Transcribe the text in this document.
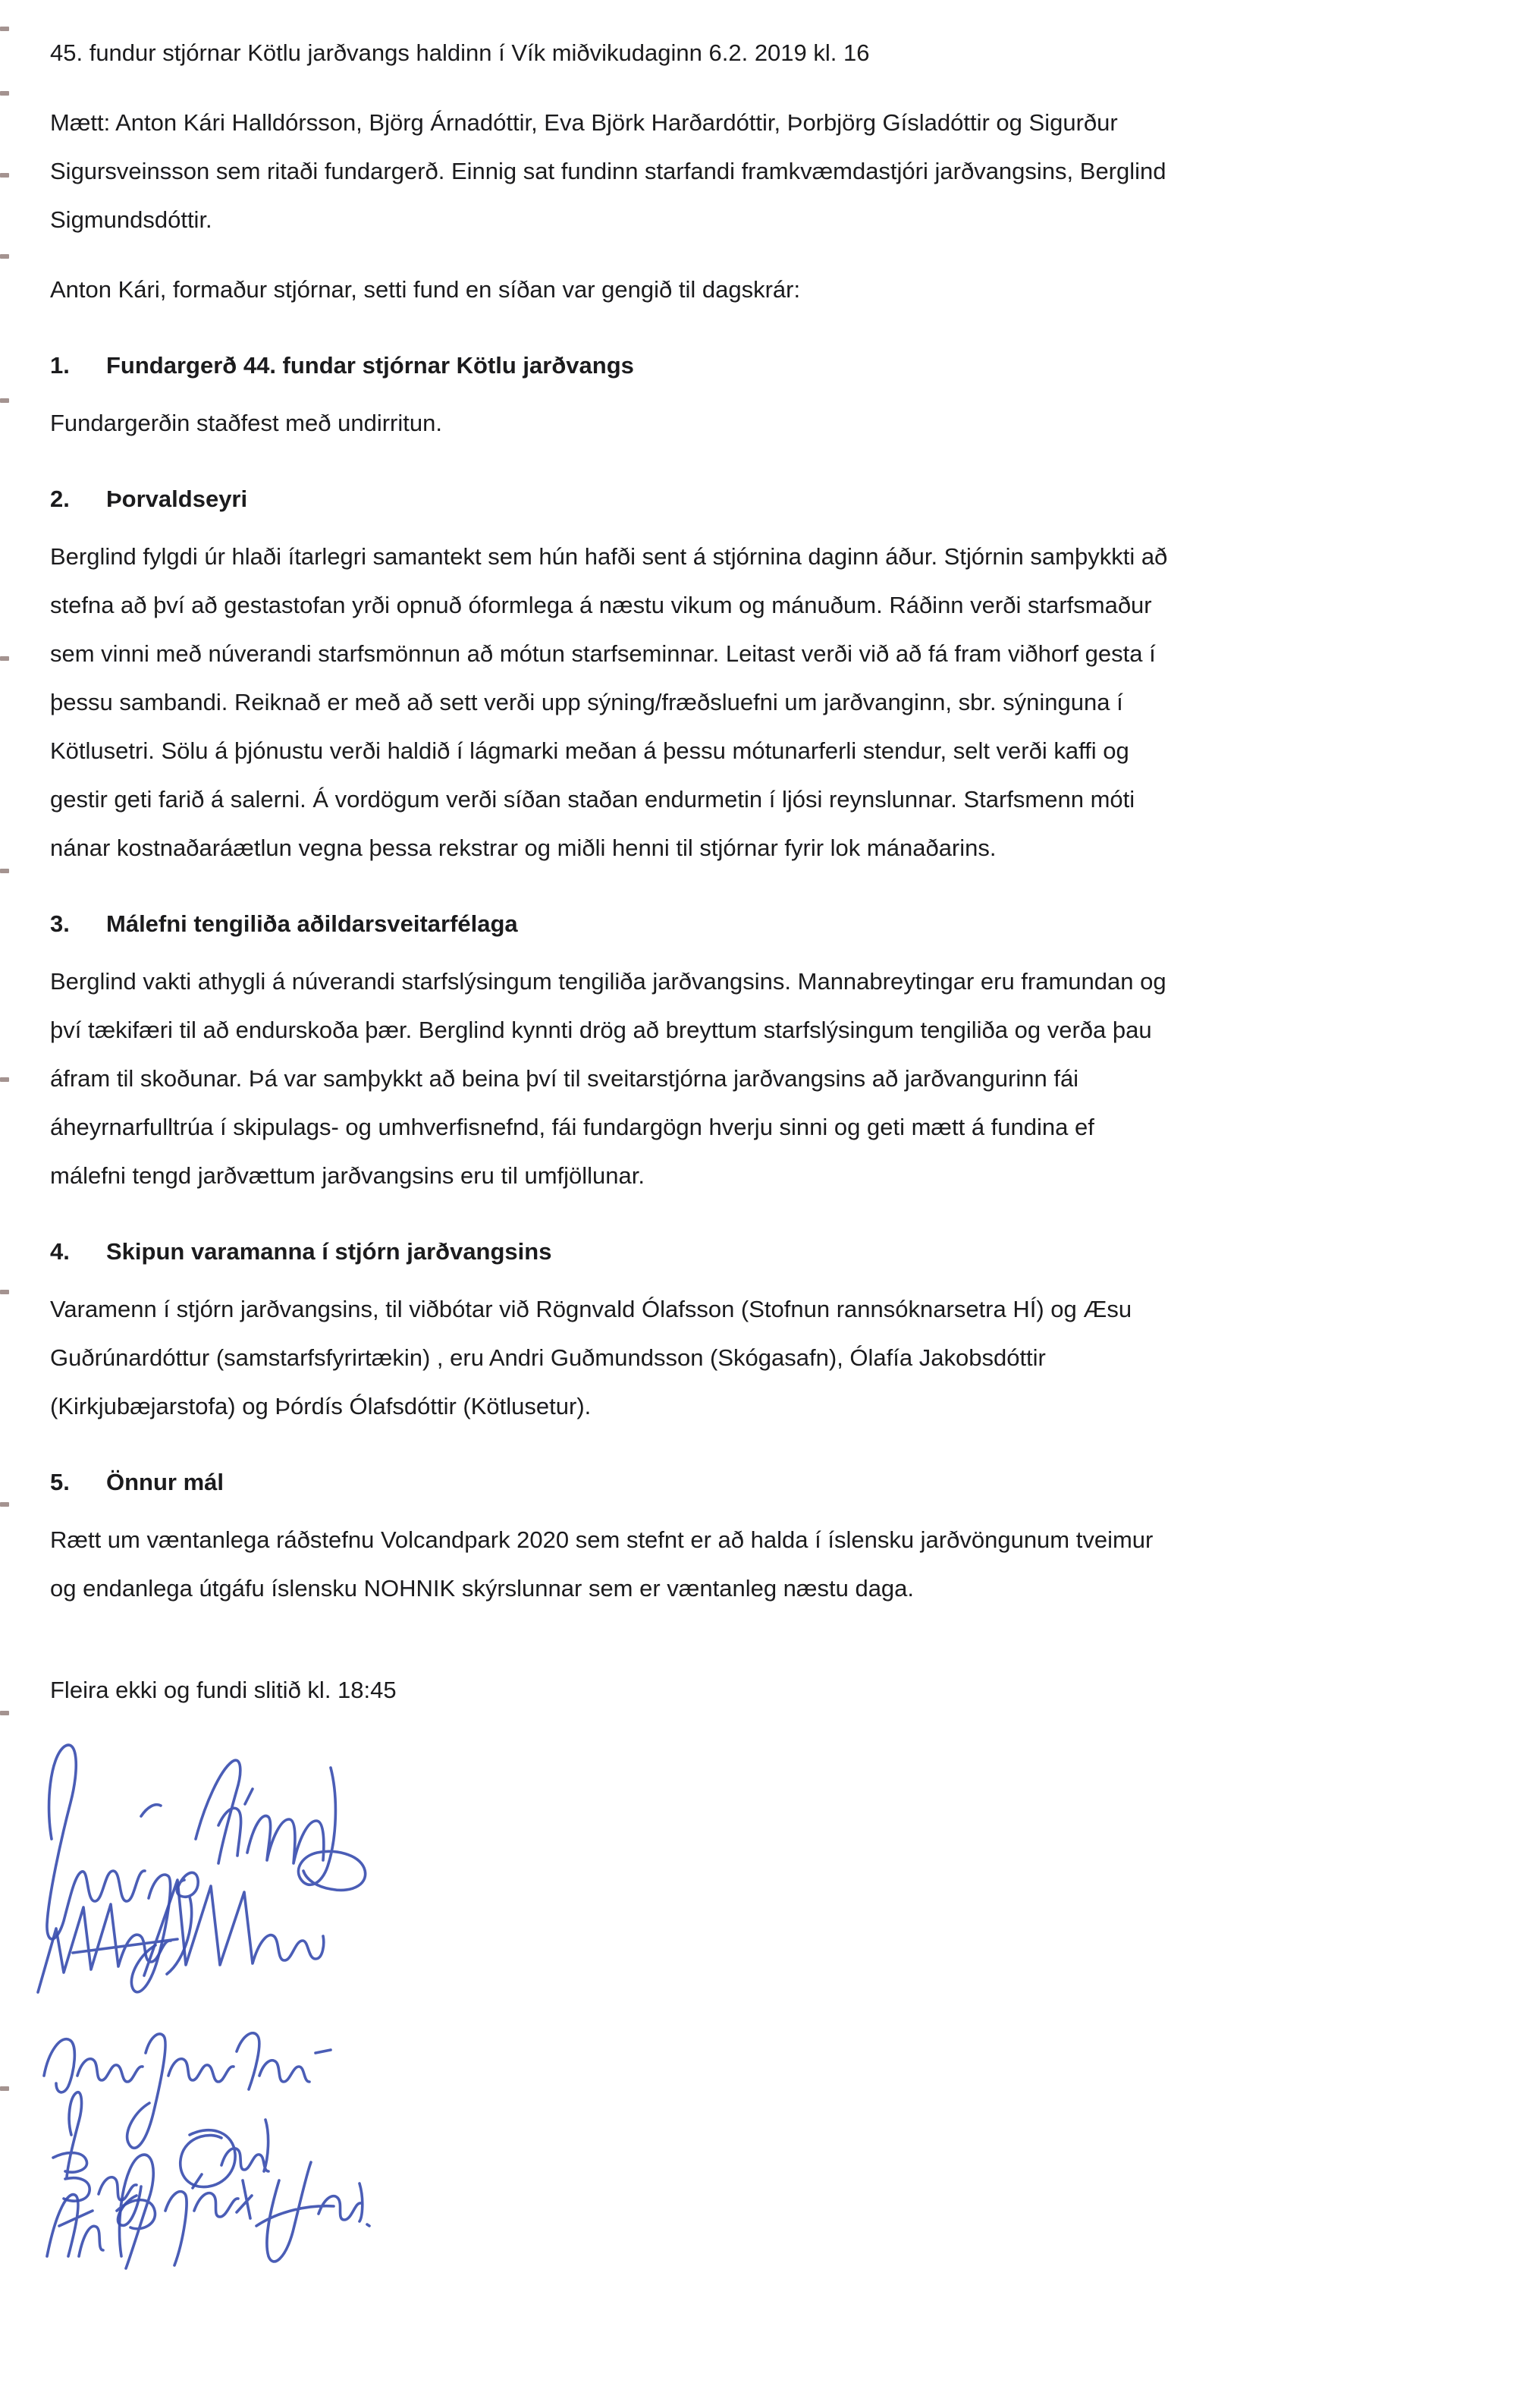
45. fundur stjórnar Kötlu jarðvangs haldinn í Vík miðvikudaginn 6.2. 2019 kl. 16

Mætt: Anton Kári Halldórsson, Björg Árnadóttir, Eva Björk Harðardóttir, Þorbjörg Gísladóttir og Sigurður Sigursveinsson sem ritaði fundargerð. Einnig sat fundinn starfandi framkvæmdastjóri jarðvangsins, Berglind Sigmundsdóttir.

Anton Kári, formaður stjórnar, setti fund en síðan var gengið til dagskrár:

1.	Fundargerð 44. fundar stjórnar Kötlu jarðvangs

Fundargerðin staðfest með undirritun.

2.	Þorvaldseyri

Berglind fylgdi úr hlaði ítarlegri samantekt sem hún hafði sent á stjórnina daginn áður. Stjórnin samþykkti að stefna að því að gestastofan yrði opnuð óformlega á næstu vikum og mánuðum. Ráðinn verði starfsmaður sem vinni með núverandi starfsmönnun að mótun starfseminnar. Leitast verði við að fá fram viðhorf gesta í þessu sambandi. Reiknað er með að sett verði upp sýning/fræðsluefni um jarðvanginn, sbr. sýninguna í Kötlusetri. Sölu á þjónustu verði haldið í lágmarki meðan á þessu mótunarferli stendur, selt verði kaffi og gestir geti farið á salerni. Á vordögum verði síðan staðan endurmetin í ljósi reynslunnar. Starfsmenn móti nánar kostnaðaráætlun vegna þessa rekstrar og miðli henni til stjórnar fyrir lok mánaðarins.

3.	Málefni tengiliða aðildarsveitarfélaga

Berglind vakti athygli á núverandi starfslýsingum tengiliða jarðvangsins. Mannabreytingar eru framundan og því tækifæri til að endurskoða þær. Berglind kynnti drög að breyttum starfslýsingum tengiliða og verða þau áfram til skoðunar. Þá var samþykkt að beina því til sveitarstjórna jarðvangsins að jarðvangurinn fái áheyrnarfulltrúa í skipulags- og umhverfisnefnd, fái fundargögn hverju sinni og geti mætt á fundina ef málefni tengd jarðvættum jarðvangsins eru til umfjöllunar.

4.	Skipun varamanna í stjórn jarðvangsins

Varamenn í stjórn jarðvangsins, til viðbótar við Rögnvald Ólafsson (Stofnun rannsóknarsetra HÍ) og Æsu Guðrúnardóttur (samstarfsfyrirtækin) , eru Andri Guðmundsson (Skógasafn), Ólafía Jakobsdóttir (Kirkjubæjarstofa) og Þórdís Ólafsdóttir (Kötlusetur).

5.	Önnur mál

Rætt um væntanlega ráðstefnu Volcandpark 2020 sem stefnt er að halda í íslensku jarðvöngunum tveimur og endanlega útgáfu íslensku NOHNIK skýrslunnar sem er væntanleg næstu daga.

Fleira ekki og fundi slitið kl. 18:45
